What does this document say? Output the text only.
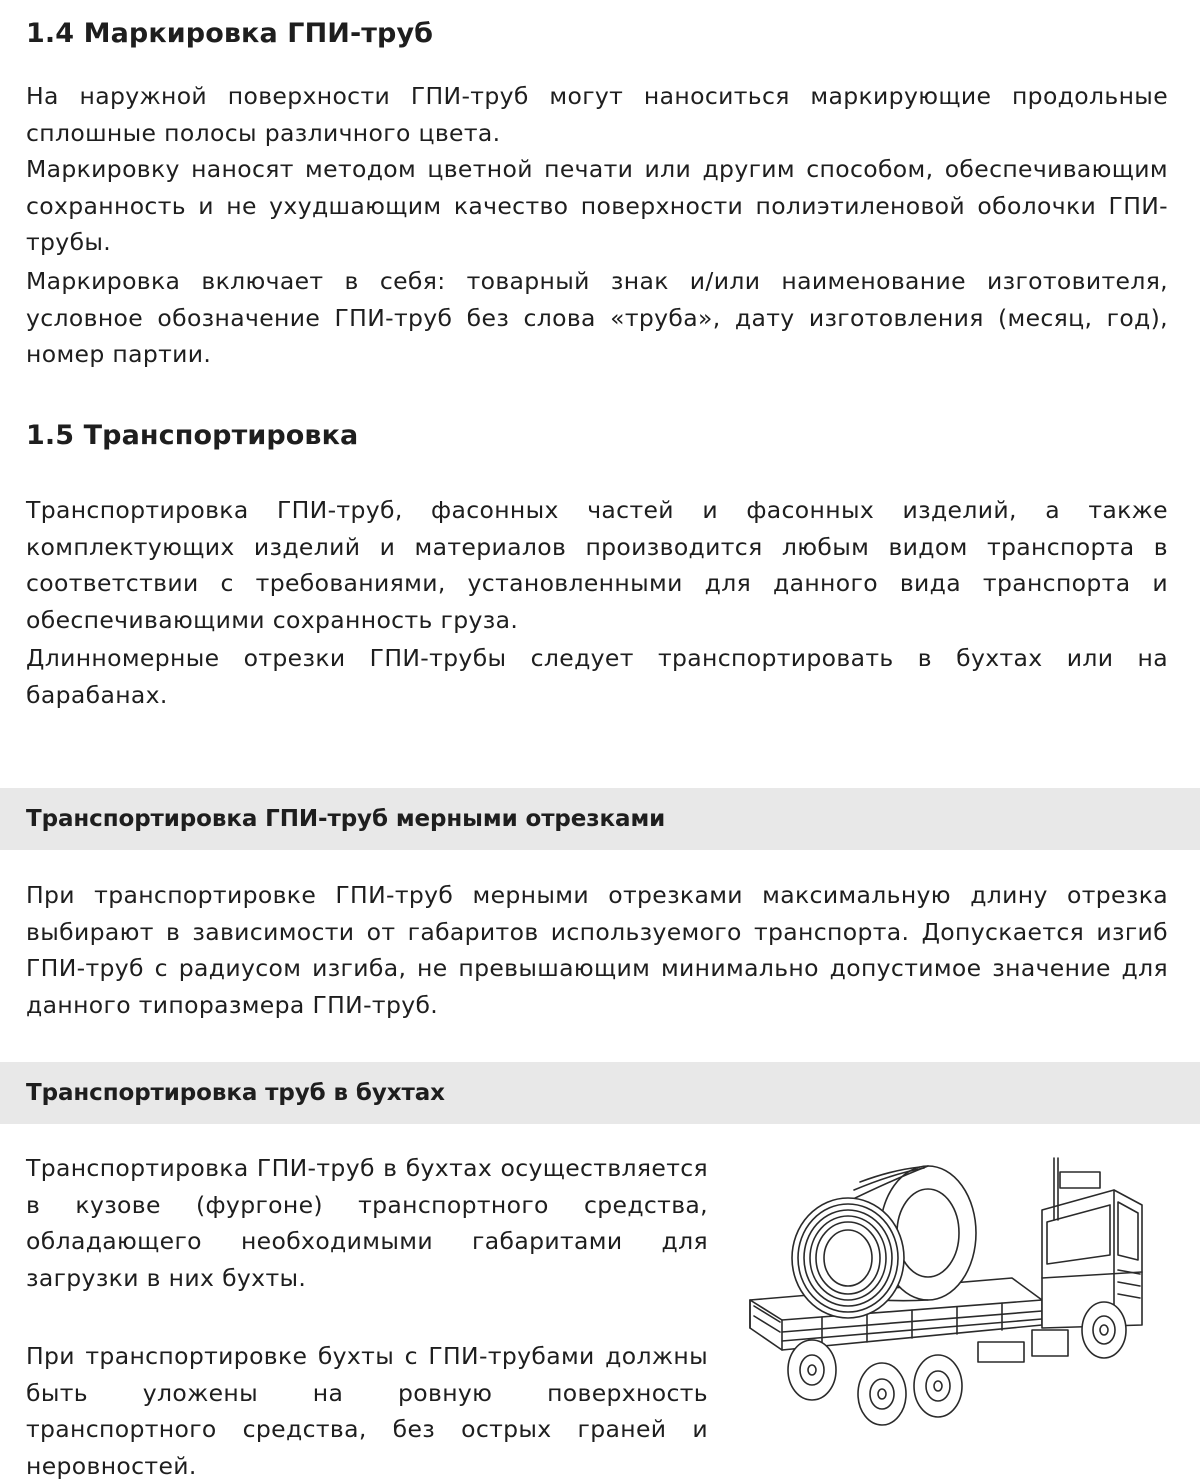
1.4 Маркировка ГПИ-труб

На наружной поверхности ГПИ-труб могут наноситься маркирующие продольные сплошные полосы различного цвета.

Маркировку наносят методом цветной печати или другим способом, обеспечивающим сохранность и не ухудшающим качество поверхности полиэтиленовой оболочки ГПИ-трубы.

Маркировка включает в себя: товарный знак и/или наименование изготовителя, условное обозначение ГПИ-труб без слова «труба», дату изготовления (месяц, год), номер партии.

1.5 Транспортировка

Транспортировка ГПИ-труб, фасонных частей и фасонных изделий, а также комплектующих изделий и материалов производится любым видом транспорта в соответствии с требованиями, установленными для данного вида транспорта и обеспечивающими сохранность груза.

Длинномерные отрезки ГПИ-трубы следует транспортировать в бухтах или на барабанах.

Транспортировка ГПИ-труб мерными отрезками

При транспортировке ГПИ-труб мерными отрезками максимальную длину отрезка выбирают в зависимости от габаритов используемого транспорта. Допускается изгиб ГПИ-труб с радиусом изгиба, не превышающим минимально допустимое значение для данного типоразмера ГПИ-труб.

Транспортировка труб в бухтах

Транспортировка ГПИ-труб в бухтах осуществляется в кузове (фургоне) транспортного средства, обладающего необходимыми габаритами для загрузки в них бухты.

При транспортировке бухты с ГПИ-трубами должны быть уложены на ровную поверхность транспортного средства, без острых граней и неровностей.
